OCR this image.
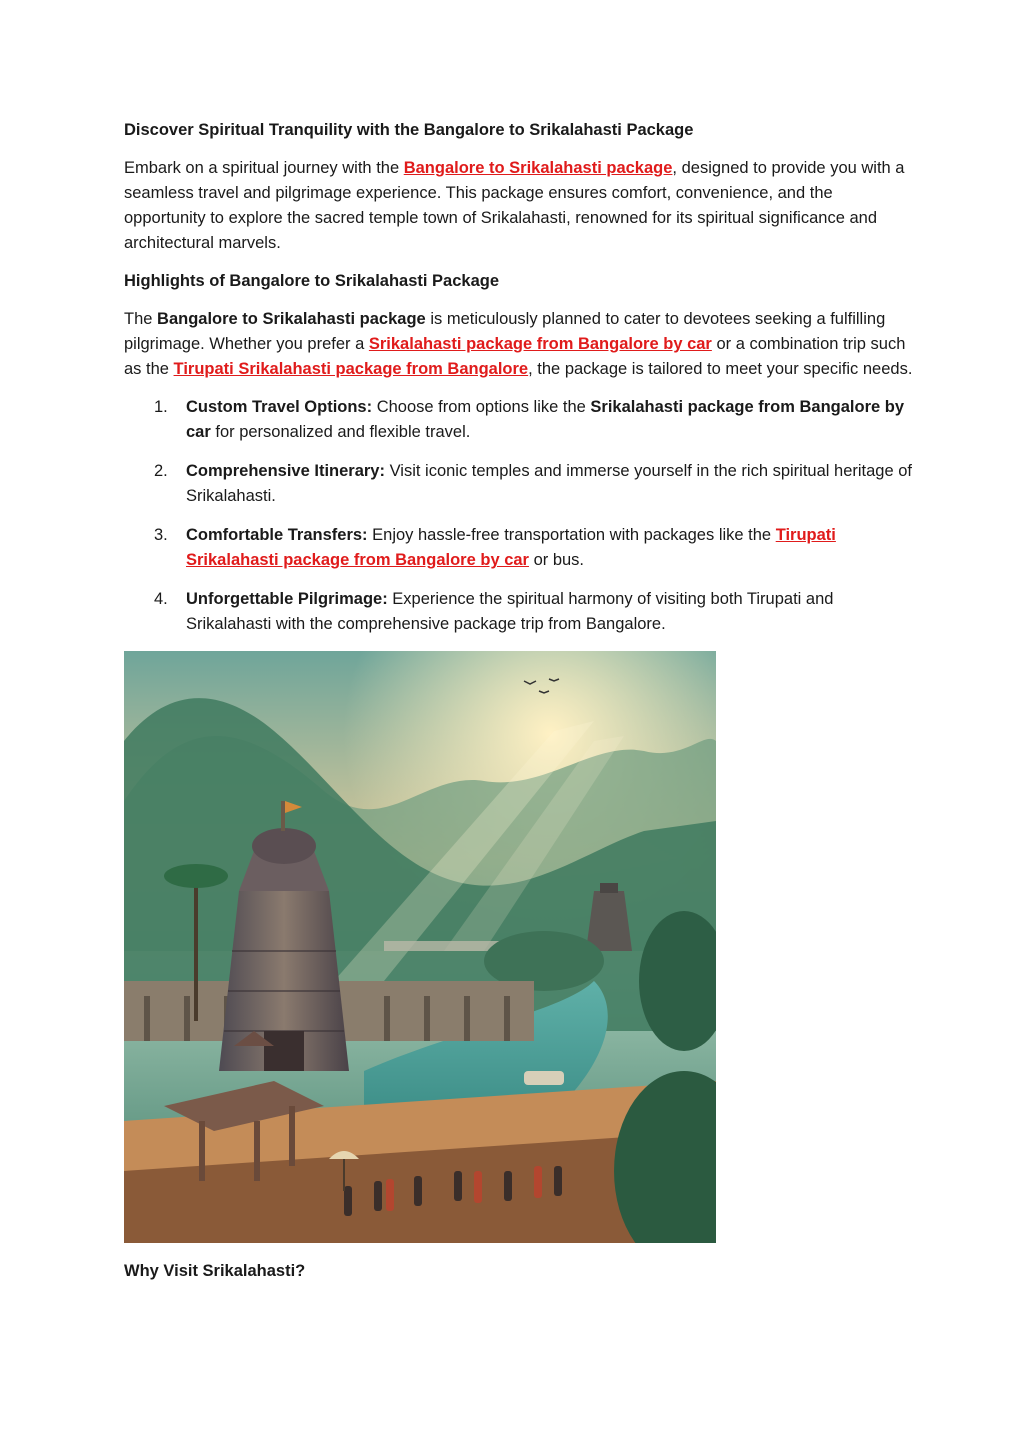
Discover Spiritual Tranquility with the Bangalore to Srikalahasti Package

Embark on a spiritual journey with the Bangalore to Srikalahasti package, designed to provide you with a seamless travel and pilgrimage experience. This package ensures comfort, convenience, and the opportunity to explore the sacred temple town of Srikalahasti, renowned for its spiritual significance and architectural marvels.

Highlights of Bangalore to Srikalahasti Package

The Bangalore to Srikalahasti package is meticulously planned to cater to devotees seeking a fulfilling pilgrimage. Whether you prefer a Srikalahasti package from Bangalore by car or a combination trip such as the Tirupati Srikalahasti package from Bangalore, the package is tailored to meet your specific needs.

1. Custom Travel Options: Choose from options like the Srikalahasti package from Bangalore by car for personalized and flexible travel.
2. Comprehensive Itinerary: Visit iconic temples and immerse yourself in the rich spiritual heritage of Srikalahasti.
3. Comfortable Transfers: Enjoy hassle-free transportation with packages like the Tirupati Srikalahasti package from Bangalore by car or bus.
4. Unforgettable Pilgrimage: Experience the spiritual harmony of visiting both Tirupati and Srikalahasti with the comprehensive package trip from Bangalore.
Why Visit Srikalahasti?
